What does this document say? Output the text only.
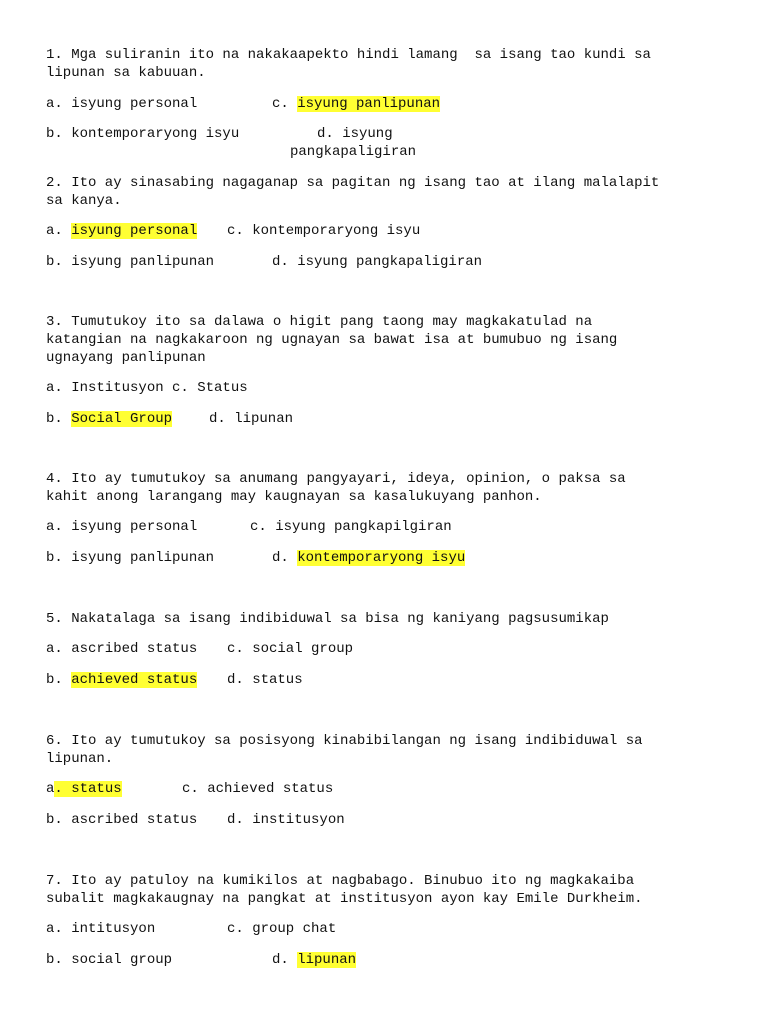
1. Mga suliranin ito na nakakaapekto hindi lamang  sa isang tao kundi sa
lipunan sa kabuuan.
a. isyung personal	c. isyung panlipunan
b. kontemporaryong isyu	d. isyung
pangkapaligiran
2. Ito ay sinasabing nagaganap sa pagitan ng isang tao at ilang malalapit
sa kanya.
a. isyung personal c. kontemporaryong isyu
b. isyung panlipunan	d. isyung pangkapaligiran
3. Tumutukoy ito sa dalawa o higit pang taong may magkakatulad na
katangian na nagkakaroon ng ugnayan sa bawat isa at bumubuo ng isang
ugnayang panlipunan
a. Institusyon c. Status
b. Social Group	d. lipunan
4. Ito ay tumutukoy sa anumang pangyayari, ideya, opinion, o paksa sa
kahit anong larangang may kaugnayan sa kasalukuyang panhon.
a. isyung personal	c. isyung pangkapilgiran
b. isyung panlipunan	d. kontemporaryong isyu
5. Nakatalaga sa isang indibiduwal sa bisa ng kaniyang pagsusumikap
a. ascribed status c. social group
b. achieved status d. status
6. Ito ay tumutukoy sa posisyong kinabibilangan ng isang indibiduwal sa
lipunan.
a. status	c. achieved status
b. ascribed status d. institusyon
7. Ito ay patuloy na kumikilos at nagbabago. Binubuo ito ng magkakaiba
subalit magkakaugnay na pangkat at institusyon ayon kay Emile Durkheim.
a. intitusyon	c. group chat
b. social group	d. lipunan
